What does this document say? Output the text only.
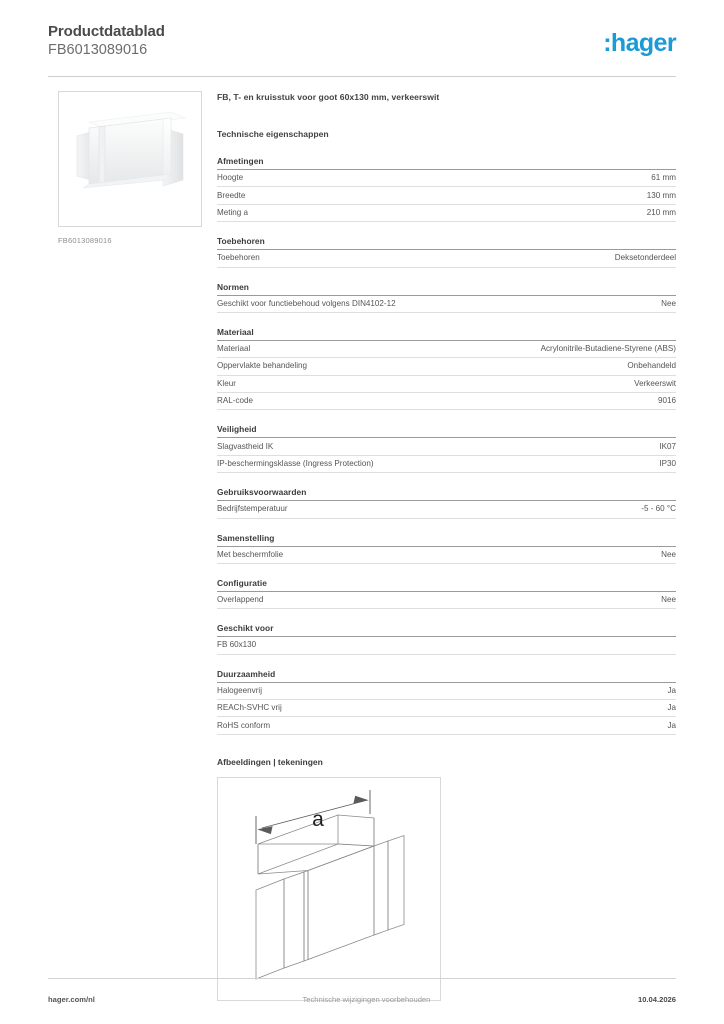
Productdatablad
FB6013089016	:hager
FB6013089016
FB, T- en kruisstuk voor goot 60x130 mm, verkeerswit
Technische eigenschappen
Afmetingen
Hoogte	61 mm
Breedte	130 mm
Meting a	210 mm
Toebehoren
Toebehoren	Deksetonderdeel
Normen
Geschikt voor functiebehoud volgens DIN4102-12	Nee
Materiaal
Materiaal	Acrylonitrile-Butadiene-Styrene (ABS)
Oppervlakte behandeling	Onbehandeld
Kleur	Verkeerswit
RAL-code	9016
Veiligheid
Slagvastheid IK	IK07
IP-beschermingsklasse (Ingress Protection)	IP30
Gebruiksvoorwaarden
Bedrijfstemperatuur	-5 - 60 °C
Samenstelling
Met beschermfolie	Nee
Configuratie
Overlappend	Nee
Geschikt voor
FB 60x130
Duurzaamheid
Halogeenvrij	Ja
REACh-SVHC vrij	Ja
RoHS conform	Ja
Afbeeldingen | tekeningen
a
hager.com/nl	Technische wijzigingen voorbehouden	10.04.2026
